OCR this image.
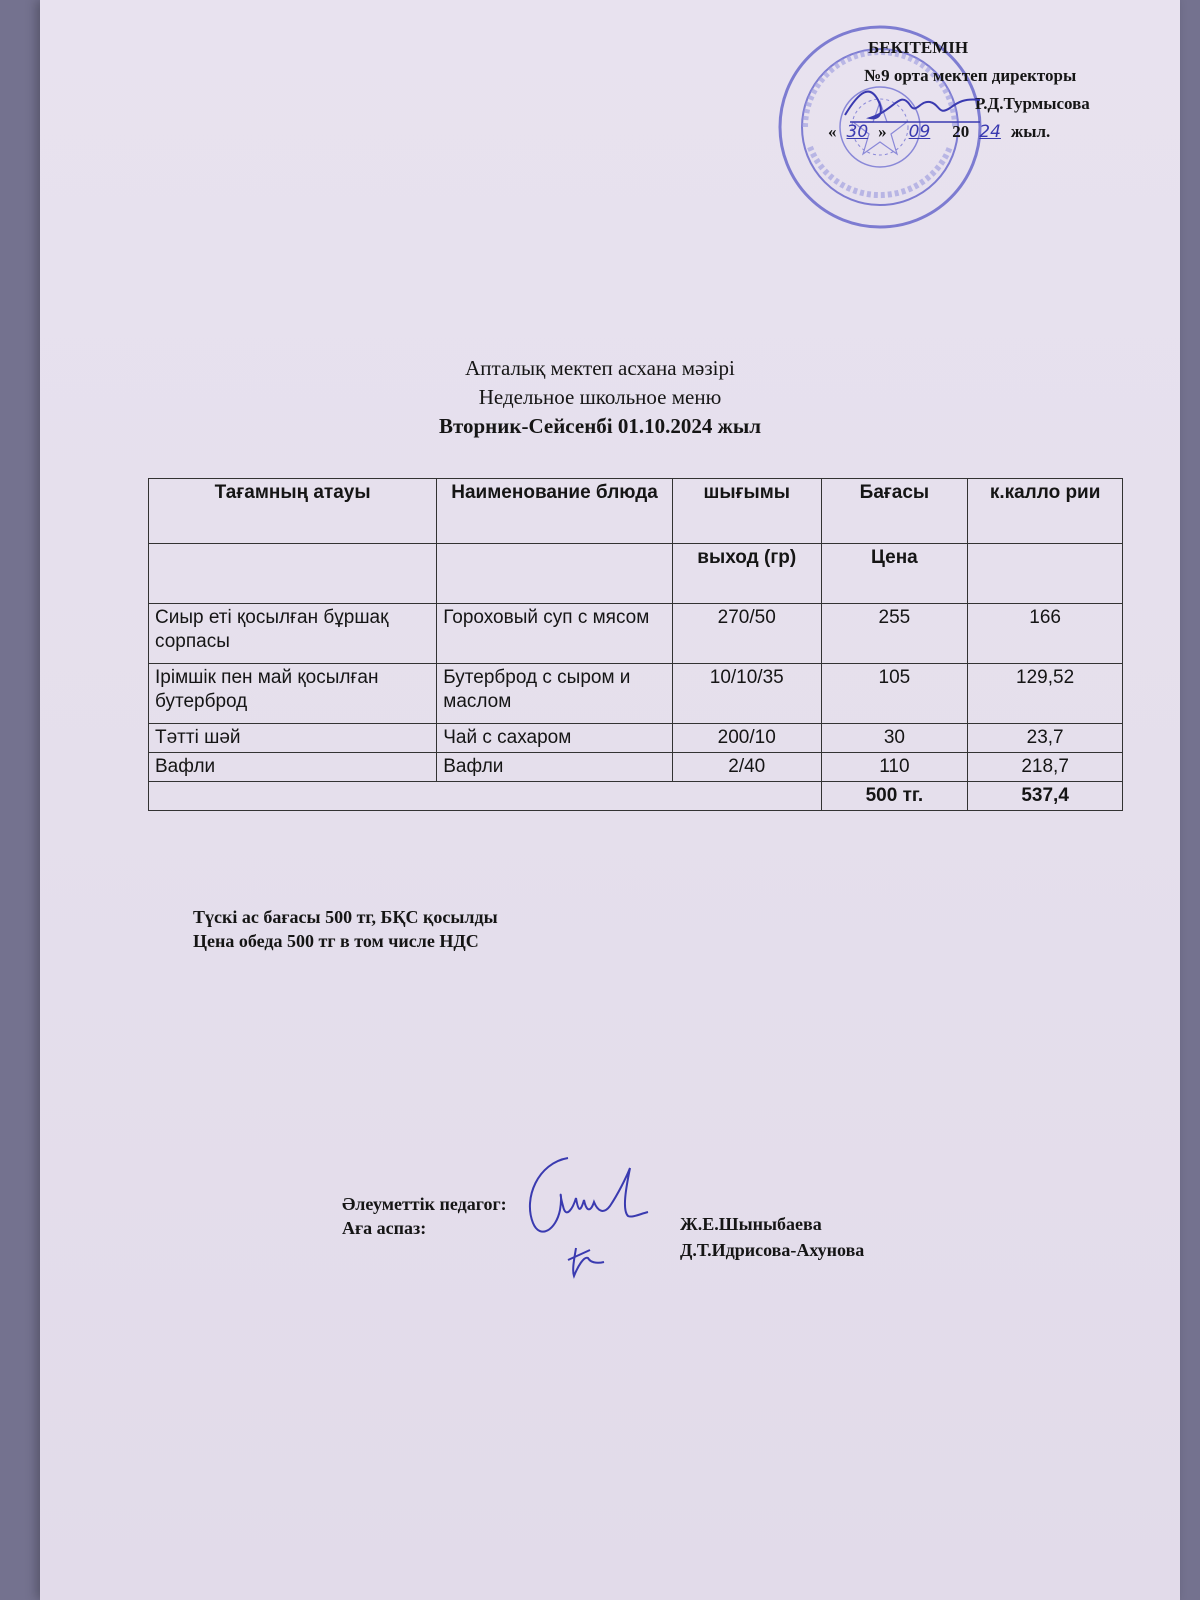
БЕКІТЕМІН
№9 орта мектеп директоры
Р.Д.Турмысова
« 30 » 09 20 24 жыл.
Апталық мектеп асхана мәзірі
Недельное школьное меню
Вторник-Сейсенбі 01.10.2024 жыл
Тағамның атауы	Наименование блюда	шығымы	Бағасы	к.калло рии
		выход (гр)	Цена	
Сиыр еті қосылған бұршақ сорпасы	Гороховый суп с мясом	270/50	255	166
Ірімшік пен май қосылған бутерброд	Бутерброд с сыром и маслом	10/10/35	105	129,52
Тәтті шәй	Чай с сахаром	200/10	30	23,7
Вафли	Вафли	2/40	110	218,7
			500 тг.	537,4
Түскі ас бағасы 500 тг, БҚС қосылды
Цена обеда 500 тг в том числе НДС
Әлеуметтік педагог:
Ж.Е.Шыныбаева
Аға аспаз:
Д.Т.Идрисова-Ахунова
